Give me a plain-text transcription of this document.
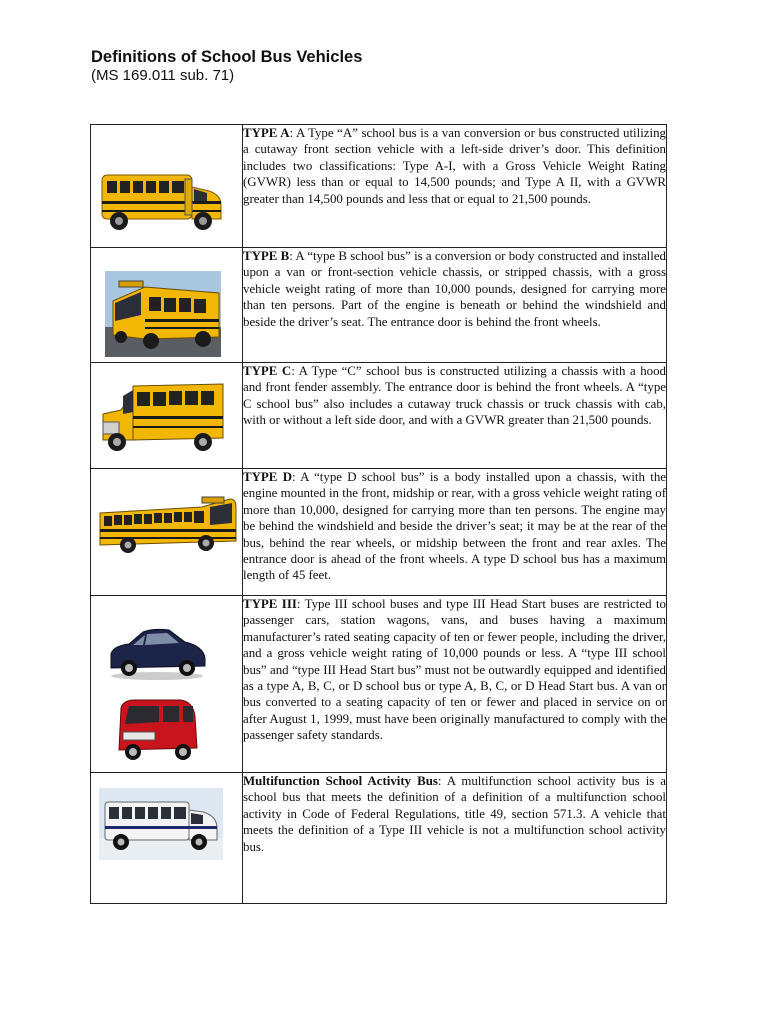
Definitions of School Bus Vehicles

(MS 169.011 sub. 71)

	TYPE A: A Type “A” school bus is a van conversion or bus constructed utilizing a cutaway front section vehicle with a left-side driver’s door. This definition includes two classifications: Type A-I, with a Gross Vehicle Weight Rating (GVWR) less than or equal to 14,500 pounds; and Type A II, with a GVWR greater than 14,500 pounds and less that or equal to 21,500 pounds.

	TYPE B: A “type B school bus” is a conversion or body constructed and installed upon a van or front-section vehicle chassis, or stripped chassis, with a gross vehicle weight rating of more than 10,000 pounds, designed for carrying more than ten persons. Part of the engine is beneath or behind the windshield and beside the driver’s seat. The entrance door is behind the front wheels.

	TYPE C: A Type “C” school bus is constructed utilizing a chassis with a hood and front fender assembly. The entrance door is behind the front wheels. A “type C school bus” also includes a cutaway truck chassis or truck chassis with cab, with or without a left side door, and with a GVWR greater than 21,500 pounds.

	TYPE D: A “type D school bus” is a body installed upon a chassis, with the engine mounted in the front, midship or rear, with a gross vehicle weight rating of more than 10,000, designed for carrying more than ten persons. The engine may be behind the windshield and beside the driver’s seat; it may be at the rear of the bus, behind the rear wheels, or midship between the front and rear axles. The entrance door is ahead of the front wheels. A type D school bus has a maximum length of 45 feet.

	TYPE III: Type III school buses and type III Head Start buses are restricted to passenger cars, station wagons, vans, and buses having a maximum manufacturer’s rated seating capacity of ten or fewer people, including the driver, and a gross vehicle weight rating of 10,000 pounds or less. A “type III school bus” and “type III Head Start bus” must not be outwardly equipped and identified as a type A, B, C, or D school bus or type A, B, C, or D Head Start bus. A van or bus converted to a seating capacity of ten or fewer and placed in service on or after August 1, 1999, must have been originally manufactured to comply with the passenger safety standards.

	Multifunction School Activity Bus: A multifunction school activity bus is a school bus that meets the definition of a definition of a multifunction school activity in Code of Federal Regulations, title 49, section 571.3. A vehicle that meets the definition of a Type III vehicle is not a multifunction school activity bus.
